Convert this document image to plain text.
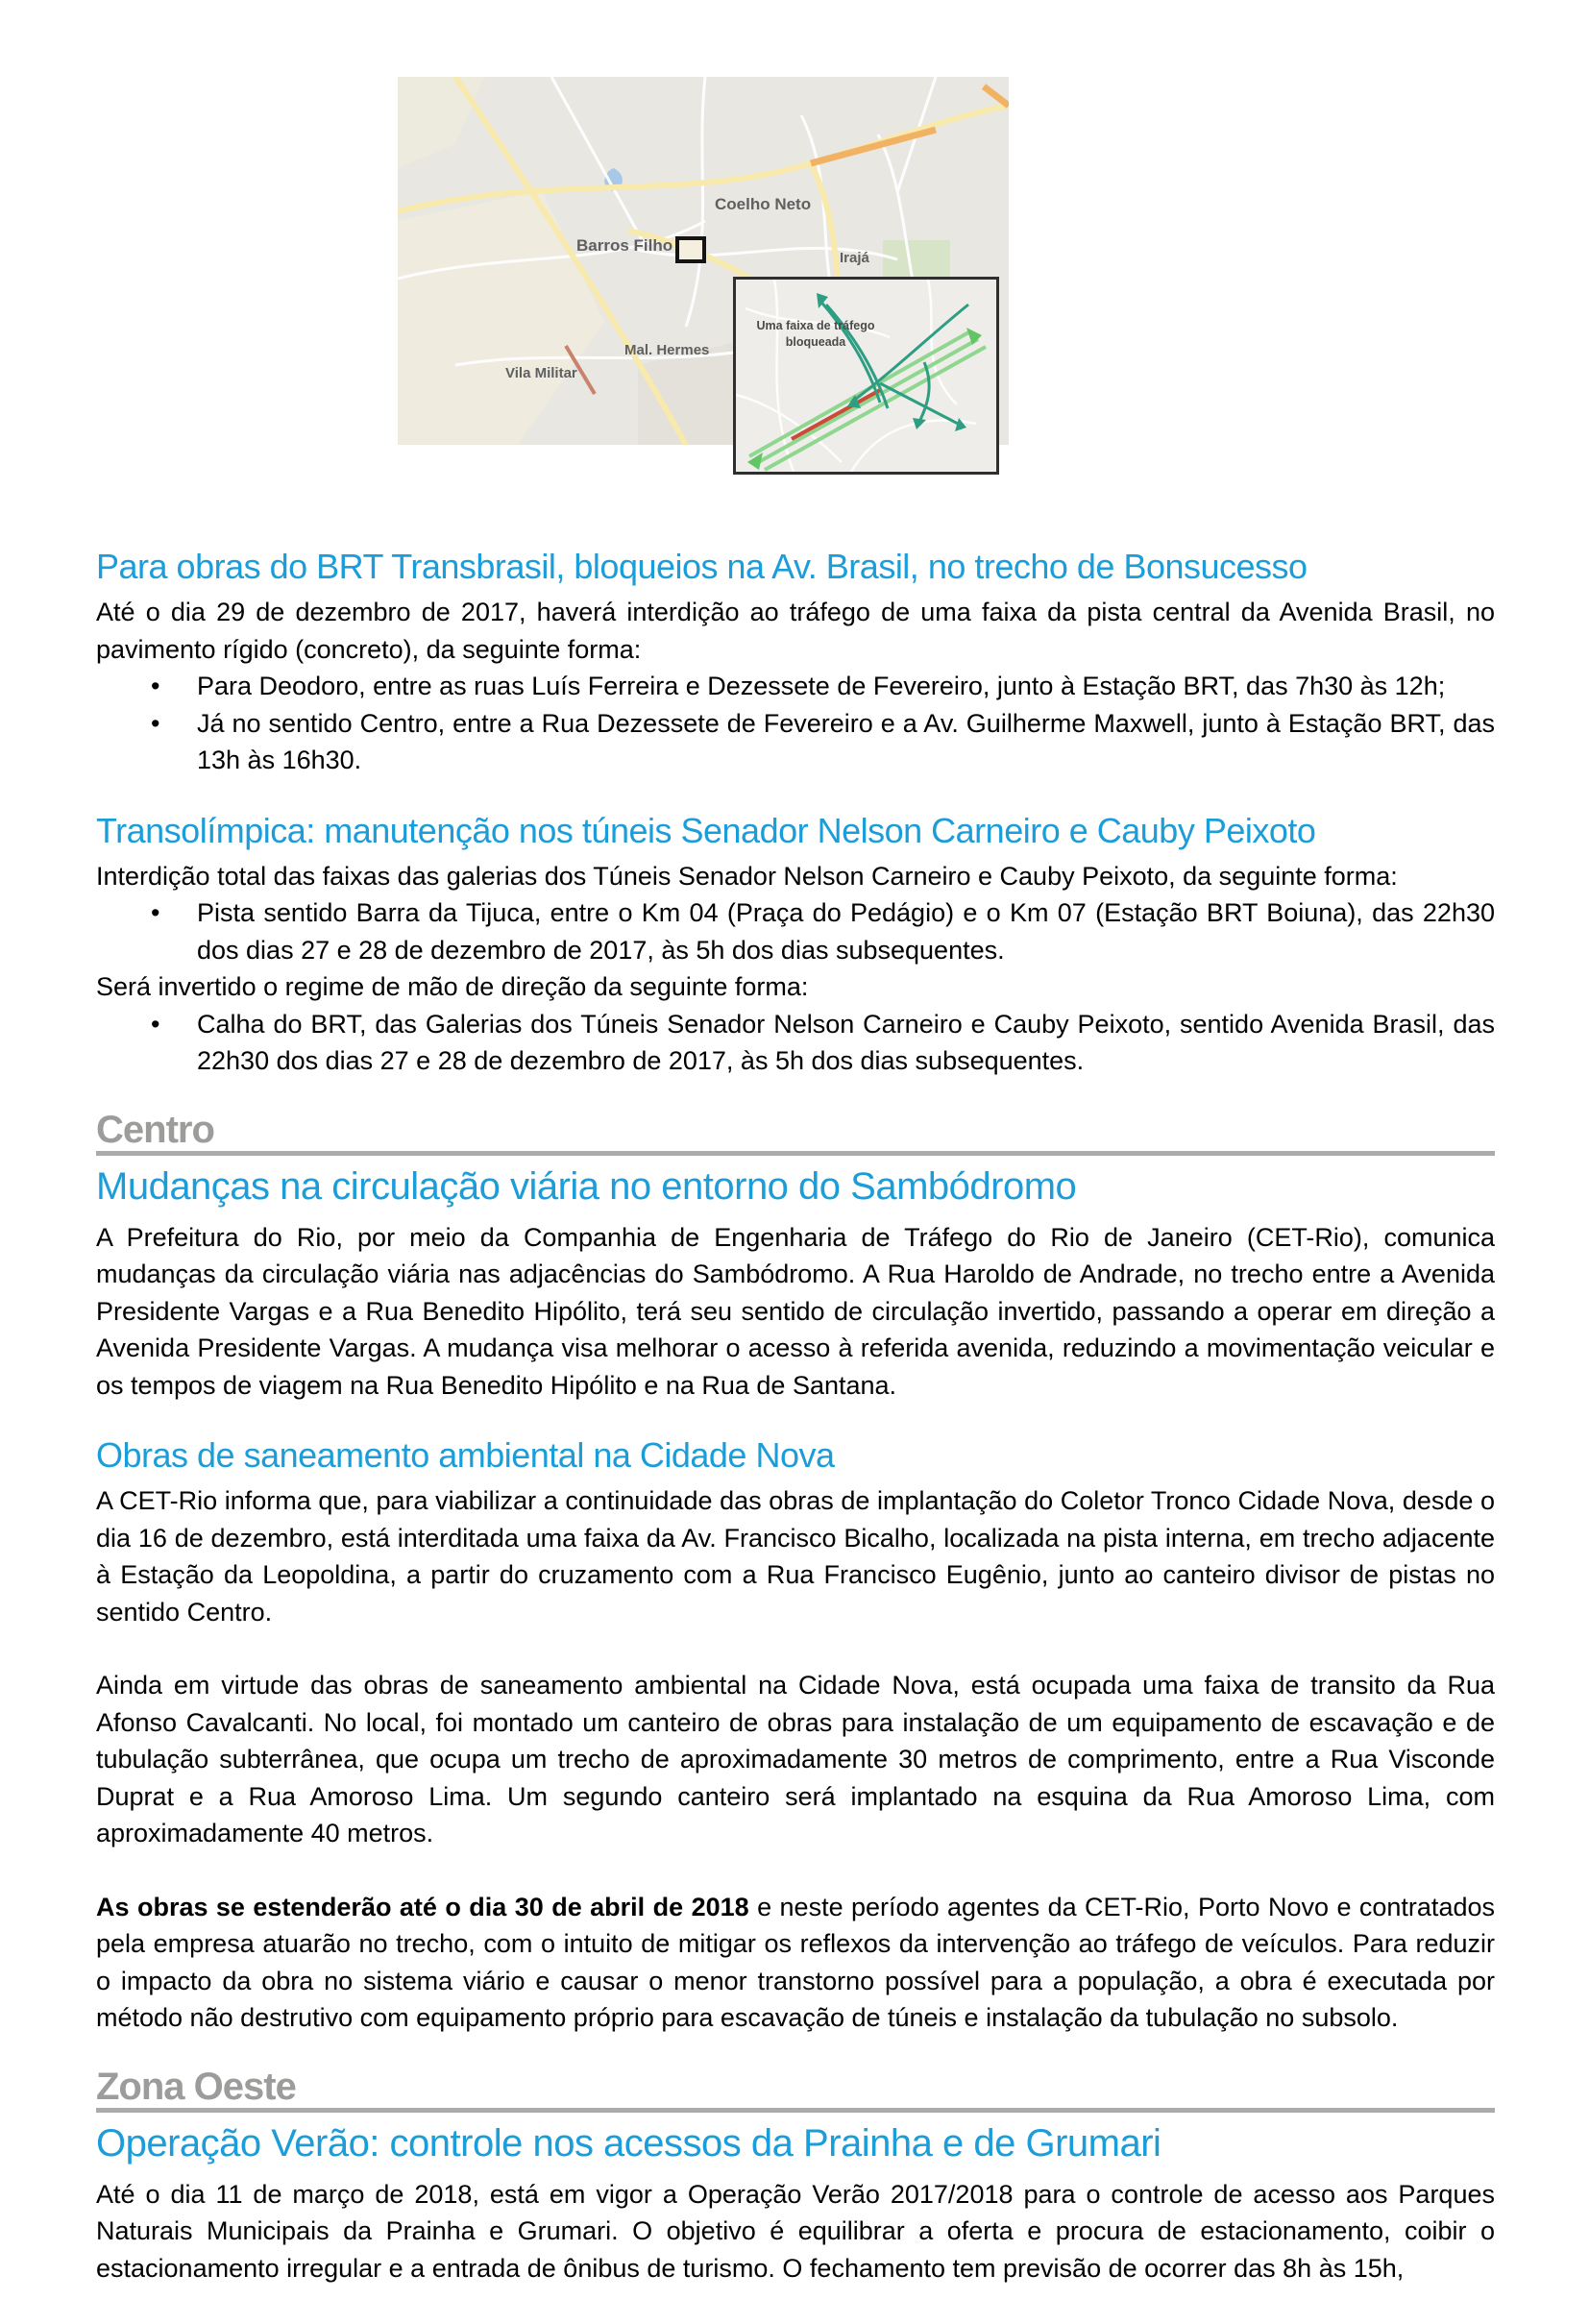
Coelho Neto
Barros Filho
Irajá
Mal. Hermes
Vila Militar
Uma faixa de tráfego bloqueada
Para obras do BRT Transbrasil, bloqueios na Av. Brasil, no trecho de Bonsucesso

Até o dia 29 de dezembro de 2017, haverá interdição ao tráfego de uma faixa da pista central da Avenida Brasil, no pavimento rígido (concreto), da seguinte forma:

• Para Deodoro, entre as ruas Luís Ferreira e Dezessete de Fevereiro, junto à Estação BRT, das 7h30 às 12h;
• Já no sentido Centro, entre a Rua Dezessete de Fevereiro e a Av. Guilherme Maxwell, junto à Estação BRT, das 13h às 16h30.
Transolímpica: manutenção nos túneis Senador Nelson Carneiro e Cauby Peixoto

Interdição total das faixas das galerias dos Túneis Senador Nelson Carneiro e Cauby Peixoto, da seguinte forma:

• Pista sentido Barra da Tijuca, entre o Km 04 (Praça do Pedágio) e o Km 07 (Estação BRT Boiuna), das 22h30 dos dias 27 e 28 de dezembro de 2017, às 5h dos dias subsequentes.

Será invertido o regime de mão de direção da seguinte forma:

• Calha do BRT, das Galerias dos Túneis Senador Nelson Carneiro e Cauby Peixoto, sentido Avenida Brasil, das 22h30 dos dias 27 e 28 de dezembro de 2017, às 5h dos dias subsequentes.
Centro
Mudanças na circulação viária no entorno do Sambódromo

A Prefeitura do Rio, por meio da Companhia de Engenharia de Tráfego do Rio de Janeiro (CET-Rio), comunica mudanças da circulação viária nas adjacências do Sambódromo. A Rua Haroldo de Andrade, no trecho entre a Avenida Presidente Vargas e a Rua Benedito Hipólito, terá seu sentido de circulação invertido, passando a operar em direção a Avenida Presidente Vargas. A mudança visa melhorar o acesso à referida avenida, reduzindo a movimentação veicular e os tempos de viagem na Rua Benedito Hipólito e na Rua de Santana.

Obras de saneamento ambiental na Cidade Nova

A CET-Rio informa que, para viabilizar a continuidade das obras de implantação do Coletor Tronco Cidade Nova, desde o dia 16 de dezembro, está interditada uma faixa da Av. Francisco Bicalho, localizada na pista interna, em trecho adjacente à Estação da Leopoldina, a partir do cruzamento com a Rua Francisco Eugênio, junto ao canteiro divisor de pistas no sentido Centro.

Ainda em virtude das obras de saneamento ambiental na Cidade Nova, está ocupada uma faixa de transito da Rua Afonso Cavalcanti. No local, foi montado um canteiro de obras para instalação de um equipamento de escavação e de tubulação subterrânea, que ocupa um trecho de aproximadamente 30 metros de comprimento, entre a Rua Visconde Duprat e a Rua Amoroso Lima. Um segundo canteiro será implantado na esquina da Rua Amoroso Lima, com aproximadamente 40 metros.

As obras se estenderão até o dia 30 de abril de 2018 e neste período agentes da CET-Rio, Porto Novo e contratados pela empresa atuarão no trecho, com o intuito de mitigar os reflexos da intervenção ao tráfego de veículos. Para reduzir o impacto da obra no sistema viário e causar o menor transtorno possível para a população, a obra é executada por método não destrutivo com equipamento próprio para escavação de túneis e instalação da tubulação no subsolo.

Zona Oeste
Operação Verão: controle nos acessos da Prainha e de Grumari

Até o dia 11 de março de 2018, está em vigor a Operação Verão 2017/2018 para o controle de acesso aos Parques Naturais Municipais da Prainha e Grumari. O objetivo é equilibrar a oferta e procura de estacionamento, coibir o estacionamento irregular e a entrada de ônibus de turismo. O fechamento tem previsão de ocorrer das 8h às 15h,
